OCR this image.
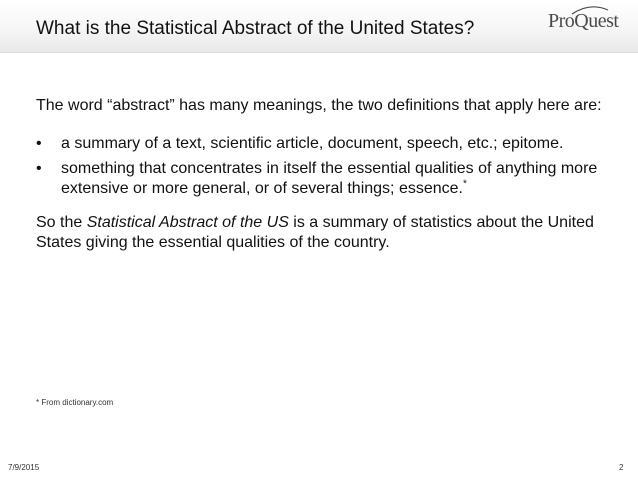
What is the Statistical Abstract of the United States?	ProQuest

The word “abstract” has many meanings, the two definitions that apply here are:

• a summary of a text, scientific article, document, speech, etc.; epitome.
• something that concentrates in itself the essential qualities of anything more extensive or more general, or of several things; essence.*

So the Statistical Abstract of the US is a summary of statistics about the United States giving the essential qualities of the country.

* From dictionary.com
7/9/2015	2
